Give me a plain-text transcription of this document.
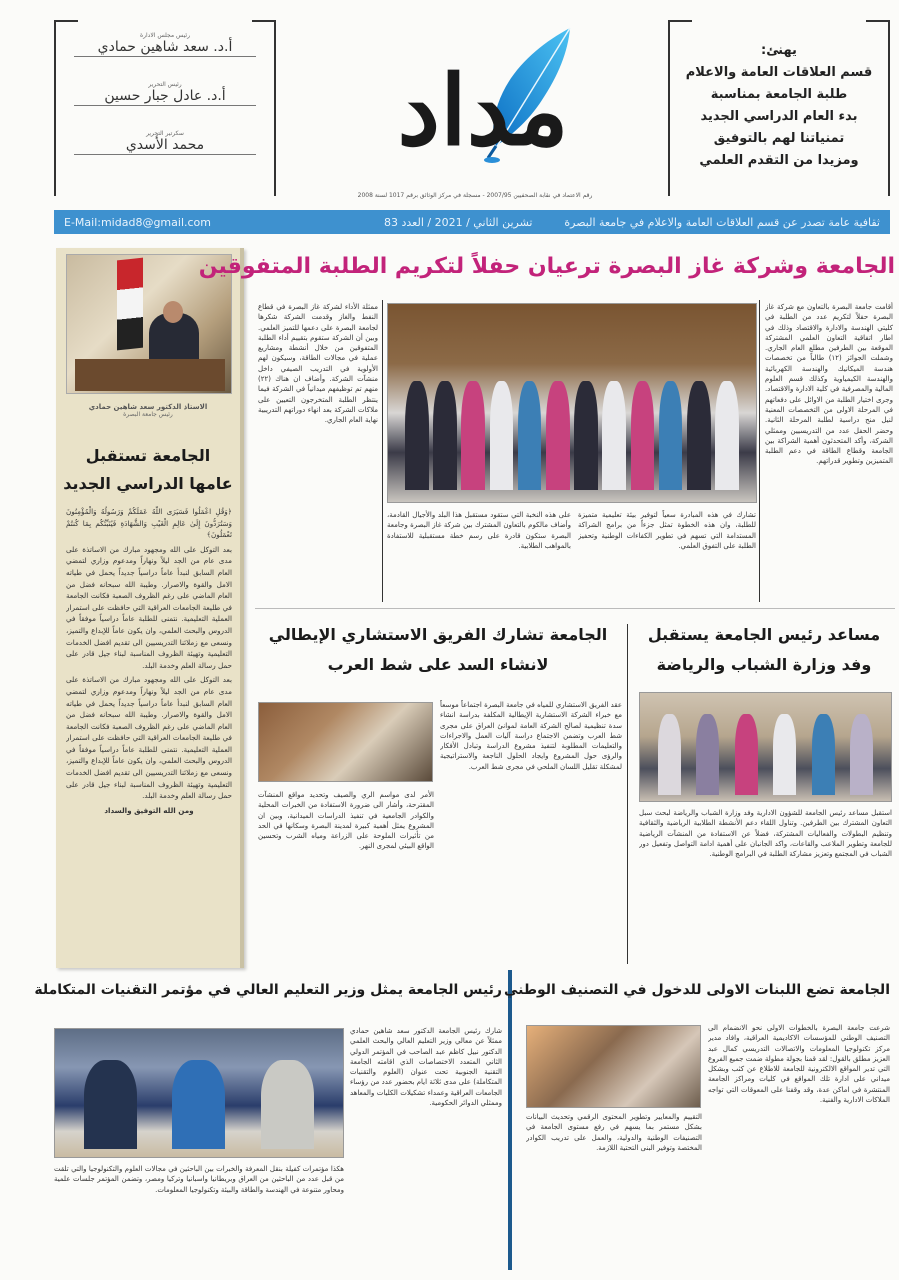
رئيس مجلس الادارة
أ.د. سعد شاهين حمادي
رئيس التحرير
أ.د. عادل جبار حسين
سكرتير التحرير
محمد الأسدي	مداد
رقم الاعتماد في نقابة الصحفيين 2007/95 - مسجلة في مركز الوثائق برقم 1017 لسنة 2008
يهنئ:
قسم العلاقات العامة والاعلام
طلبة الجامعة بمناسبة
بدء العام الدراسي الجديد
تمنياتنا لهم بالتوفيق
ومزيدا من التقدم العلمي
E-Mail:midad8@gmail.com	تشرين الثاني / 2021 / العدد 83	ثقافية عامة تصدر عن قسم العلاقات العامة والاعلام في جامعة البصرة
الاستاذ الدكتور سعد شاهين حمادي
رئيس جامعة البصرة
الجامعة تستقبل
عامها الدراسي الجديد

﴿وَقُلِ اعْمَلُوا فَسَيَرَى اللَّهُ عَمَلَكُمْ وَرَسُولُهُ وَالْمُؤْمِنُونَ وَسَتُرَدُّونَ إِلَىٰ عَالِمِ الْغَيْبِ وَالشَّهَادَةِ فَيُنَبِّئُكُم بِمَا كُنتُمْ تَعْمَلُونَ﴾

بعد التوكل على الله ومجهود مبارك من الاساتذة على مدى عام من الجد ليلاً ونهاراً ومدعوم وزاري لتمضي العام السابق لنبدأ عاماً دراسياً جديداً يحمل في طياته الامل والقوة والاصرار. وطيبة الله سبحانه فضل من العام الماضي على رغم الظروف الصعبة فكانت الجامعة في طليعة الجامعات العراقية التي حافظت على استمرار العملية التعليمية. نتمنى للطلبة عاماً دراسياً موفقاً في الدروس والبحث العلمي، وان يكون عاماً للإبداع والتميز، ونسعى مع زملائنا التدريسيين الى تقديم افضل الخدمات التعليمية وتهيئة الظروف المناسبة لبناء جيل قادر على حمل رسالة العلم وخدمة البلد.

بعد التوكل على الله ومجهود مبارك من الاساتذة على مدى عام من الجد ليلاً ونهاراً ومدعوم وزاري لتمضي العام السابق لنبدأ عاماً دراسياً جديداً يحمل في طياته الامل والقوة والاصرار. وطيبة الله سبحانه فضل من العام الماضي على رغم الظروف الصعبة فكانت الجامعة في طليعة الجامعات العراقية التي حافظت على استمرار العملية التعليمية. نتمنى للطلبة عاماً دراسياً موفقاً في الدروس والبحث العلمي، وان يكون عاماً للإبداع والتميز، ونسعى مع زملائنا التدريسيين الى تقديم افضل الخدمات التعليمية وتهيئة الظروف المناسبة لبناء جيل قادر على حمل رسالة العلم وخدمة البلد.

ومن الله التوفيق والسداد

الجامعة وشركة غاز البصرة ترعيان حفلاً لتكريم الطلبة المتفوقين
أقامت جامعة البصرة بالتعاون مع شركة غاز البصرة حفلاً لتكريم عدد من الطلبة في كليتي الهندسة والادارة والاقتصاد وذلك في اطار اتفاقية التعاون العلمي المشتركة الموقعة بين الطرفين مطلع العام الجاري. وشملت الجوائز (١٢) طالباً من تخصصات هندسة الميكانيك والهندسة الكهربائية والهندسة الكيمياوية وكذلك قسم العلوم المالية والمصرفية في كلية الادارة والاقتصاد. وجرى اختيار الطلبة من الاوائل على دفعاتهم في المرحلة الاولى من التخصصات المعنية لنيل منح دراسية لطلبة المرحلة الثانية. وحضر الحفل عدد من التدريسيين وممثلي الشركة، وأكد المتحدثون أهمية الشراكة بين الجامعة وقطاع الطاقة في دعم الطلبة المتميزين وتطوير قدراتهم.
تشارك في هذه المبادرة سعياً لتوفير بيئة تعليمية متميزة للطلبة، وان هذه الخطوة تمثل جزءاً من برامج الشراكة المستدامة التي تسهم في تطوير الكفاءات الوطنية وتحفيز الطلبة على التفوق العلمي.
على هذه النخبة التي ستقود مستقبل هذا البلد والأجيال القادمة، وأضاف مالكوم بالتعاون المشترك بين شركة غاز البصرة وجامعة البصرة ستكون قادرة على رسم خطة مستقبلية للاستفادة بالمواهب الطلابية.
ممثلة الأداء لشركة غاز البصرة في قطاع النفط والغاز وقدمت الشركة شكرها لجامعة البصرة على دعمها للتميز العلمي. وبين أن الشركة ستقوم بتقييم أداء الطلبة المتفوقين من خلال أنشطة ومشاريع عملية في مجالات الطاقة، وسيكون لهم الأولوية في التدريب الصيفي داخل منشآت الشركة. وأضاف ان هناك (٢٢) منهم تم توظيفهم ميدانياً في الشركة فيما ينتظر الطلبة المتخرجون التعيين على ملاكات الشركة بعد انهاء دوراتهم التدريبية نهاية العام الجاري.
الجامعة تشارك الفريق الاستشاري الإيطالي
لانشاء السد على شط العرب
مساعد رئيس الجامعة يستقبل
وفد وزارة الشباب والرياضة
استقبل مساعد رئيس الجامعة للشؤون الادارية وفد وزارة الشباب والرياضة لبحث سبل التعاون المشترك بين الطرفين. وتناول اللقاء دعم الأنشطة الطلابية الرياضية والثقافية وتنظيم البطولات والفعاليات المشتركة، فضلاً عن الاستفادة من المنشآت الرياضية للجامعة وتطوير الملاعب والقاعات، واكد الجانبان على أهمية ادامة التواصل وتفعيل دور الشباب في المجتمع وتعزيز مشاركة الطلبة في البرامج الوطنية.
عقد الفريق الاستشاري للمياه في جامعة البصرة اجتماعاً موسعاً مع خبراء الشركة الاستشارية الإيطالية المكلفة بدراسة انشاء سدة تنظيمية لصالح الشركة العامة لموانئ العراق على مجرى شط العرب وتضمن الاجتماع دراسة آليات العمل والاجراءات والتعليمات المطلوبة لتنفيذ مشروع الدراسة وتبادل الأفكار والرؤى حول المشروع وايجاد الحلول الناجعة والاستراتيجية لمشكلة تقليل اللسان الملحي في مجرى شط العرب.
الأمر لدى مواسم الري والصيف وتحديد مواقع المنشآت المقترحة، وأشار الى ضرورة الاستفادة من الخبرات المحلية والكوادر الجامعية في تنفيذ الدراسات الميدانية، وبين ان المشروع يمثل أهمية كبيرة لمدينة البصرة وسكانها في الحد من تأثيرات الملوحة على الزراعة ومياه الشرب وتحسين الواقع البيئي لمجرى النهر.
الجامعة تضع اللبنات الاولى للدخول في التصنيف الوطني
رئيس الجامعة يمثل وزير التعليم العالي في مؤتمر التقنيات المتكاملة
شرعت جامعة البصرة بالخطوات الاولى نحو الانضمام الى التصنيف الوطني للمؤسسات الاكاديمية العراقية، وافاد مدير مركز تكنولوجيا المعلومات والاتصالات التدريسي كمال عبد العزيز مطلق بالقول: لقد قمنا بجولة مطولة ضمت جميع الفروع التي تدير المواقع الالكترونية للجامعة للاطلاع عن كثب وبشكل ميداني على ادارة تلك المواقع في كليات ومراكز الجامعة المنتشرة في اماكن عدة، وقد وقفنا على المعوقات التي تواجه الملاكات الادارية والفنية.
التقييم والمعايير وتطوير المحتوى الرقمي وتحديث البيانات بشكل مستمر بما يسهم في رفع مستوى الجامعة في التصنيفات الوطنية والدولية، والعمل على تدريب الكوادر المختصة وتوفير البنى التحتية اللازمة.
شارك رئيس الجامعة الدكتور سعد شاهين حمادي ممثلاً عن معالي وزير التعليم العالي والبحث العلمي الدكتور نبيل كاظم عبد الصاحب في المؤتمر الدولي الثاني المتعدد الاختصاصات الذي اقامته الجامعة التقنية الجنوبية تحت عنوان (العلوم والتقنيات المتكاملة) على مدى ثلاثة ايام بحضور عدد من رؤساء الجامعات العراقية وعمداء تشكيلات الكليات والمعاهد وممثلي الدوائر الحكومية.
هكذا مؤتمرات كفيلة بنقل المعرفة والخبرات بين الباحثين في مجالات العلوم والتكنولوجيا والتي تلقت من قبل عدد من الباحثين من العراق وبريطانيا واسبانيا وتركيا ومصر، وتضمن المؤتمر جلسات علمية ومحاور متنوعة في الهندسة والطاقة والبيئة وتكنولوجيا المعلومات.
